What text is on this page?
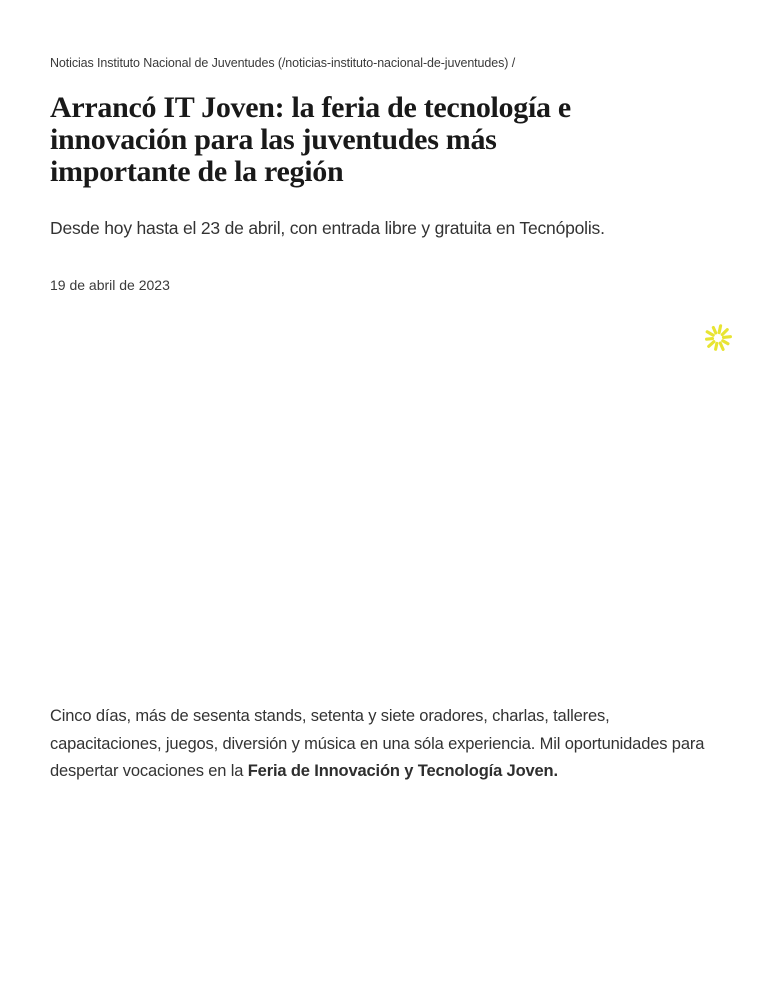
Noticias Instituto Nacional de Juventudes (/noticias-instituto-nacional-de-juventudes) /
Arrancó IT Joven: la feria de tecnología e
innovación para las juventudes más
importante de la región

Desde hoy hasta el 23 de abril, con entrada libre y gratuita en Tecnópolis.

19 de abril de 2023

Cinco días, más de sesenta stands, setenta y siete oradores, charlas, talleres, capacitaciones, juegos, diversión y música en una sóla experiencia. Mil oportunidades para despertar vocaciones en la Feria de Innovación y Tecnología Joven.
